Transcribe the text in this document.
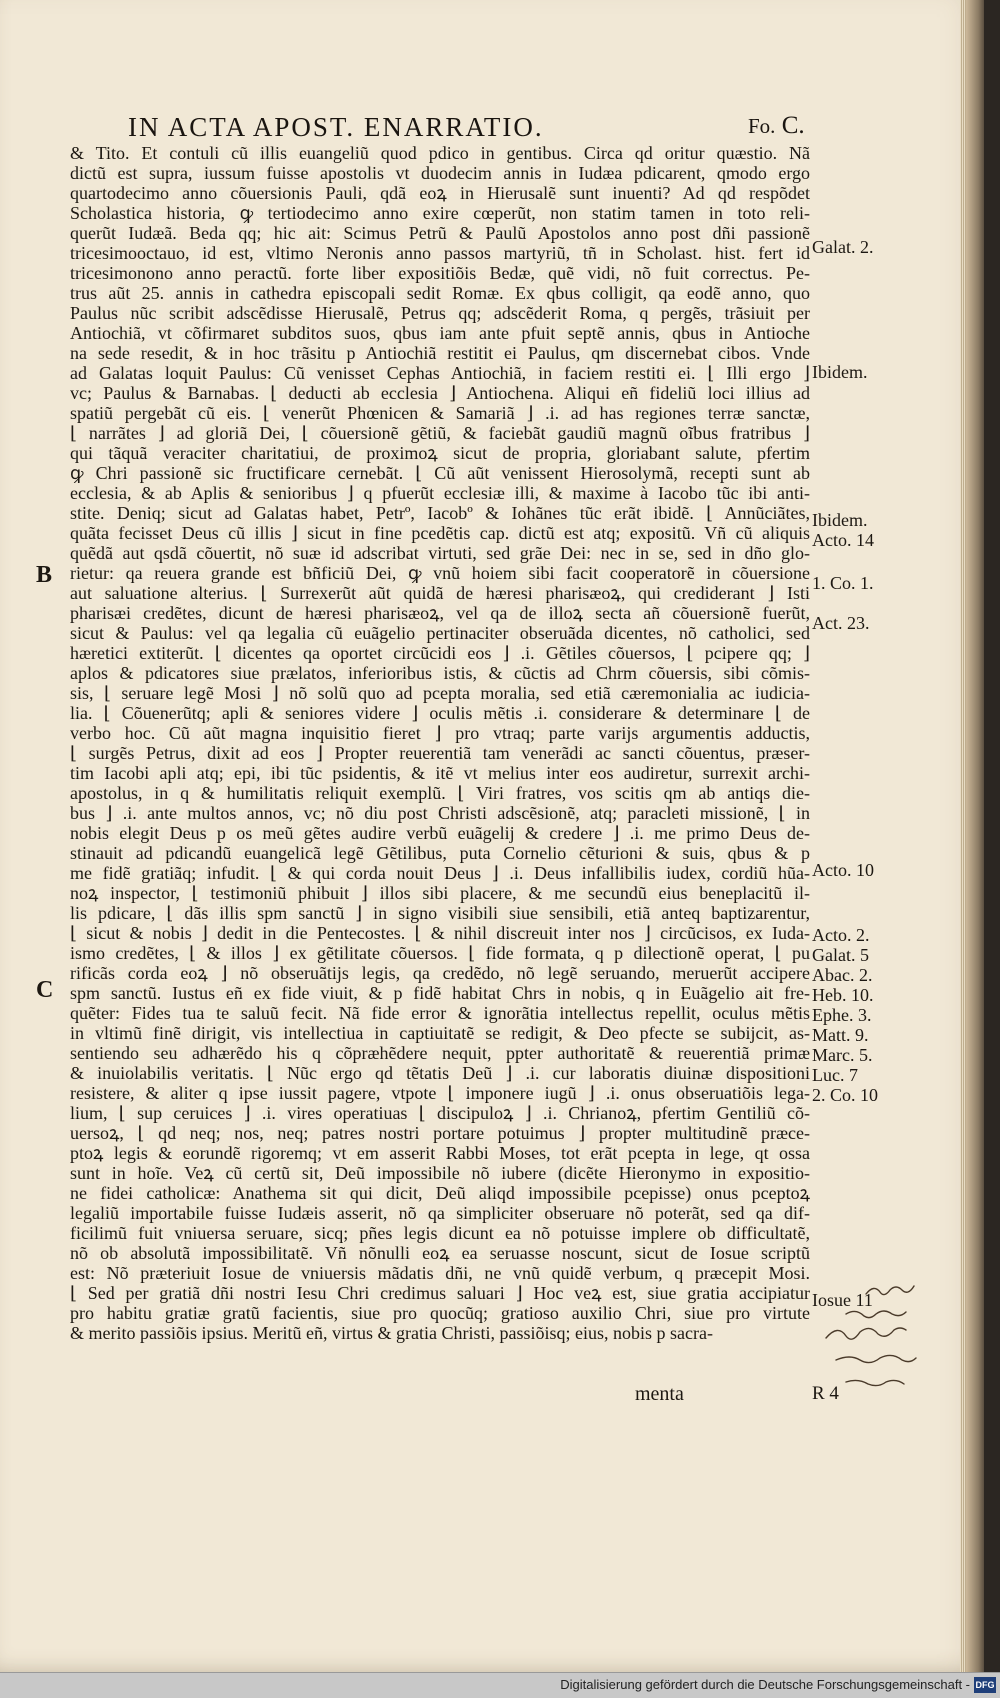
IN ACTA APOST. ENARRATIO.	Fo. C.
B
C
& Tito. Et contuli cũ illis euangeliũ quod pdico in gentibus. Circa qd oritur quæstio. Nã
dictũ est supra, iussum fuisse apostolis vt duodecim annis in Iudæa pdicarent, qmodo ergo
quartodecimo anno cõuersionis Pauli, qdã eoꝝ in Hierusalẽ sunt inuenti? Ad qd respõdet
Scholastica historia, ꝙ tertiodecimo anno exire cœperũt, non statim tamen in toto reli-
querũt Iudæã. Beda qq; hic ait: Scimus Petrũ & Paulũ Apostolos anno post dñi passionẽ
tricesimooctauo, id est, vltimo Neronis anno passos martyriũ, tñ in Scholast. hist. fert id
tricesimonono anno peractũ. forte liber expositiõis Bedæ, quẽ vidi, nõ fuit correctus. Pe-
trus aũt 25. annis in cathedra episcopali sedit Romæ. Ex qbus colligit, qa eodẽ anno, quo
Paulus nũc scribit adscẽdisse Hierusalẽ, Petrus qq; adscẽderit Roma, q pergẽs, trãsiuit per
Antiochiã, vt cõfirmaret subditos suos, qbus iam ante pfuit septẽ annis, qbus in Antioche
na sede resedit, & in hoc trãsitu p Antiochiã restitit ei Paulus, qm discernebat cibos. Vnde
ad Galatas loquit Paulus: Cũ venisset Cephas Antiochiã, in faciem restiti ei. ⌊ Illi ergo ⌋
vc; Paulus & Barnabas. ⌊ deducti ab ecclesia ⌋ Antiochena. Aliqui eñ fideliũ loci illius ad
spatiũ pergebãt cũ eis. ⌊ venerũt Phœnicen & Samariã ⌋ .i. ad has regiones terræ sanctæ,
⌊ narrãtes ⌋ ad gloriã Dei, ⌊ cõuersionẽ gẽtiũ, & faciebãt gaudiũ magnũ oĩbus fratribus ⌋
qui tãquã veraciter charitatiui, de proximoꝝ sicut de propria, gloriabant salute, pfertim
ꝙ Chri passionẽ sic fructificare cernebãt. ⌊ Cũ aũt venissent Hierosolymã, recepti sunt ab
ecclesia, & ab Aplis & senioribus ⌋ q pfuerũt ecclesiæ illi, & maxime à Iacobo tũc ibi anti-
stite. Deniq; sicut ad Galatas habet, Petrº, Iacobº & Iohãnes tũc erãt ibidẽ. ⌊ Annũciãtes,
quãta fecisset Deus cũ illis ⌋ sicut in fine pcedẽtis cap. dictũ est atq; expositũ. Vñ cũ aliquis
quẽdã aut qsdã cõuertit, nõ suæ id adscribat virtuti, sed grãe Dei: nec in se, sed in dño glo-
rietur: qa reuera grande est bñficiũ Dei, ꝙ vnũ hoiem sibi facit cooperatorẽ in cõuersione
aut saluatione alterius. ⌊ Surrexerũt aũt quidã de hæresi pharisæoꝝ, qui crediderant ⌋ Isti
pharisæi credẽtes, dicunt de hæresi pharisæoꝝ, vel qa de illoꝝ secta añ cõuersionẽ fuerũt,
sicut & Paulus: vel qa legalia cũ euãgelio pertinaciter obseruãda dicentes, nõ catholici, sed
hæretici extiterũt. ⌊ dicentes qa oportet circũcidi eos ⌋ .i. Gẽtiles cõuersos, ⌊ pcipere qq; ⌋
aplos & pdicatores siue prælatos, inferioribus istis, & cũctis ad Chrm cõuersis, sibi cõmis-
sis, ⌊ seruare legẽ Mosi ⌋ nõ solũ quo ad pcepta moralia, sed etiã cæremonialia ac iudicia-
lia. ⌊ Cõuenerũtq; apli & seniores videre ⌋ oculis mẽtis .i. considerare & determinare ⌊ de
verbo hoc. Cũ aũt magna inquisitio fieret ⌋ pro vtraq; parte varijs argumentis adductis,
⌊ surgẽs Petrus, dixit ad eos ⌋ Propter reuerentiã tam venerãdi ac sancti cõuentus, præser-
tim Iacobi apli atq; epi, ibi tũc psidentis, & itẽ vt melius inter eos audiretur, surrexit archi-
apostolus, in q & humilitatis reliquit exemplũ. ⌊ Viri fratres, vos scitis qm ab antiqs die-
bus ⌋ .i. ante multos annos, vc; nõ diu post Christi adscẽsionẽ, atq; paracleti missionẽ, ⌊ in
nobis elegit Deus p os meũ gẽtes audire verbũ euãgelij & credere ⌋ .i. me primo Deus de-
stinauit ad pdicandũ euangelicã legẽ Gẽtilibus, puta Cornelio cẽturioni & suis, qbus & p
me fidẽ gratiãq; infudit. ⌊ & qui corda nouit Deus ⌋ .i. Deus infallibilis iudex, cordiũ hũa-
noꝝ inspector, ⌊ testimoniũ phibuit ⌋ illos sibi placere, & me secundũ eius beneplacitũ il-
lis pdicare, ⌊ dãs illis spm sanctũ ⌋ in signo visibili siue sensibili, etiã anteq baptizarentur,
⌊ sicut & nobis ⌋ dedit in die Pentecostes. ⌊ & nihil discreuit inter nos ⌋ circũcisos, ex Iuda-
ismo credẽtes, ⌊ & illos ⌋ ex gẽtilitate cõuersos. ⌊ fide formata, q p dilectionẽ operat, ⌊ pu
rificãs corda eoꝝ ⌋ nõ obseruãtijs legis, qa credẽdo, nõ legẽ seruando, meruerũt accipere
spm sanctũ. Iustus eñ ex fide viuit, & p fidẽ habitat Chrs in nobis, q in Euãgelio ait fre-
quẽter: Fides tua te saluũ fecit. Nã fide error & ignorãtia intellectus repellit, oculus mẽtis
in vltimũ finẽ dirigit, vis intellectiua in captiuitatẽ se redigit, & Deo pfecte se subijcit, as-
sentiendo seu adhærẽdo his q cõpræhẽdere nequit, ppter authoritatẽ & reuerentiã primæ
& inuiolabilis veritatis. ⌊ Nũc ergo qd tẽtatis Deũ ⌋ .i. cur laboratis diuinæ dispositioni
resistere, & aliter q ipse iussit pagere, vtpote ⌊ imponere iugũ ⌋ .i. onus obseruatiõis lega-
lium, ⌊ sup ceruices ⌋ .i. vires operatiuas ⌊ discipuloꝝ ⌋ .i. Chrianoꝝ, pfertim Gentiliũ cõ-
uersoꝝ, ⌊ qd neq; nos, neq; patres nostri portare potuimus ⌋ propter multitudinẽ præce-
ptoꝝ legis & eorundẽ rigoremq; vt em asserit Rabbi Moses, tot erãt pcepta in lege, qt ossa
sunt in hoĩe. Veꝝ cũ certũ sit, Deũ impossibile nõ iubere (dicẽte Hieronymo in expositio-
ne fidei catholicæ: Anathema sit qui dicit, Deũ aliqd impossibile pcepisse) onus pceptoꝝ
legaliũ importabile fuisse Iudæis asserit, nõ qa simpliciter obseruare nõ poterãt, sed qa dif-
ficilimũ fuit vniuersa seruare, sicq; pñes legis dicunt ea nõ potuisse implere ob difficultatẽ,
nõ ob absolutã impossibilitatẽ. Vñ nõnulli eoꝝ ea seruasse noscunt, sicut de Iosue scriptũ
est: Nõ præteriuit Iosue de vniuersis mãdatis dñi, ne vnũ quidẽ verbum, q præcepit Mosi.
⌊ Sed per gratiã dñi nostri Iesu Chri credimus saluari ⌋ Hoc veꝝ est, siue gratia accipiatur
pro habitu gratiæ gratũ facientis, siue pro quocũq; gratioso auxilio Chri, siue pro virtute
& merito passiõis ipsius. Meritũ eñ, virtus & gratia Christi, passiõisq; eius, nobis p sacra-
Galat. 2.
Ibidem.
Ibidem.
Acto. 14
1. Co. 1.
Act. 23.
Acto. 10
Acto. 2.
Galat. 5
Abac. 2.
Heb. 10.
Ephe. 3.
Matt. 9.
Marc. 5.
Luc. 7
2. Co. 10
Iosue 11
menta	R 4
Digitalisierung gefördert durch die Deutsche Forschungsgemeinschaft - DFG
